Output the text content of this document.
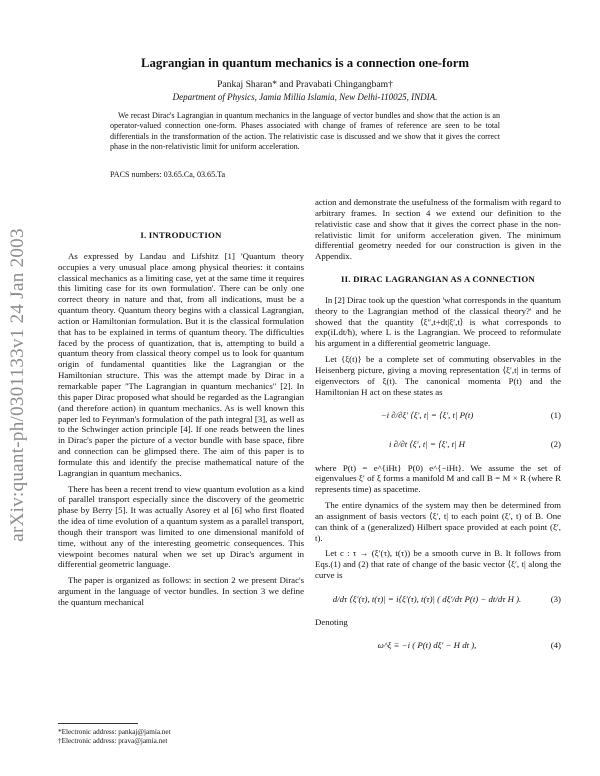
arXiv:quant-ph/0301133v1 24 Jan 2003
Lagrangian in quantum mechanics is a connection one-form
Pankaj Sharan* and Pravabati Chingangbam†
Department of Physics, Jamia Millia Islamia, New Delhi-110025, INDIA.
We recast Dirac's Lagrangian in quantum mechanics in the language of vector bundles and show that the action is an operator-valued connection one-form. Phases associated with change of frames of reference are seen to be total differentials in the transformation of the action. The relativistic case is discussed and we show that it gives the correct phase in the non-relativistic limit for uniform acceleration.
PACS numbers: 03.65.Ca, 03.65.Ta
I. INTRODUCTION

As expressed by Landau and Lifshitz [1] 'Quantum theory occupies a very unusual place among physical theories: it contains classical mechanics as a limiting case, yet at the same time it requires this limiting case for its own formulation'. There can be only one correct theory in nature and that, from all indications, must be a quantum theory. Quantum theory begins with a classical Lagrangian, action or Hamiltonian formulation. But it is the classical formulation that has to be explained in terms of quantum theory. The difficulties faced by the process of quantization, that is, attempting to build a quantum theory from classical theory compel us to look for quantum origin of fundamental quantities like the Lagrangian or the Hamiltonian structure. This was the attempt made by Dirac in a remarkable paper "The Lagrangian in quantum mechanics" [2]. In this paper Dirac proposed what should be regarded as the Lagrangian (and therefore action) in quantum mechanics. As is well known this paper led to Feynman's formulation of the path integral [3], as well as to the Schwinger action principle [4]. If one reads between the lines in Dirac's paper the picture of a vector bundle with base space, fibre and connection can be glimpsed there. The aim of this paper is to formulate this and identify the precise mathematical nature of the Lagrangian in quantum mechanics.

There has been a recent trend to view quantum evolution as a kind of parallel transport especially since the discovery of the geometric phase by Berry [5]. It was actually Asorey et al [6] who first floated the idea of time evolution of a quantum system as a parallel transport, though their transport was limited to one dimensional manifold of time, without any of the interesting geometric consequences. This viewpoint becomes natural when we set up Dirac's argument in differential geometric language.

The paper is organized as follows: in section 2 we present Dirac's argument in the language of vector bundles. In section 3 we define the quantum mechanical

action and demonstrate the usefulness of the formalism with regard to arbitrary frames. In section 4 we extend our definition to the relativistic case and show that it gives the correct phase in the non-relativistic limit for uniform acceleration given. The minimum differential geometry needed for our construction is given in the Appendix.

II. DIRAC LAGRANGIAN AS A CONNECTION

In [2] Dirac took up the question 'what corresponds in the quantum theory to the Lagrangian method of the classical theory?' and he showed that the quantity ⟨ξ″,t+dt|ξ′,t⟩ is what corresponds to exp(iLdt/ħ), where L is the Lagrangian. We proceed to reformulate his argument in a differential geometric language.

Let {ξ(t)} be a complete set of commuting observables in the Heisenberg picture, giving a moving representation ⟨ξ′,t| in terms of eigenvectors of ξ(t). The canonical momenta P(t) and the Hamiltonian H act on these states as

−i ∂/∂ξ′ ⟨ξ′, t| = ⟨ξ′, t| P(t)	(1)
i ∂/∂t ⟨ξ′, t| = ⟨ξ′, t| H	(2)

where P(t) = e^{iHt} P(0) e^{−iHt}. We assume the set of eigenvalues ξ′ of ξ forms a manifold M and call B = M × R (where R represents time) as spacetime.

The entire dynamics of the system may then be determined from an assignment of basis vectors ⟨ξ′, t| to each point (ξ′, t) of B. One can think of a (generalized) Hilbert space provided at each point (ξ′, t).

Let c : τ → (ξ′(τ), t(τ)) be a smooth curve in B. It follows from Eqs.(1) and (2) that rate of change of the basic vector ⟨ξ′, t| along the curve is

d/dτ ⟨ξ′(τ), t(τ)| = i⟨ξ′(τ), t(τ)| ( dξ′/dτ P(t) − dt/dτ H ).	(3)

Denoting

ω^ξ ≡ −i ( P(t) dξ′ − H dt ),	(4)
*Electronic address: pankaj@jamia.net
†Electronic address: prava@jamia.net
